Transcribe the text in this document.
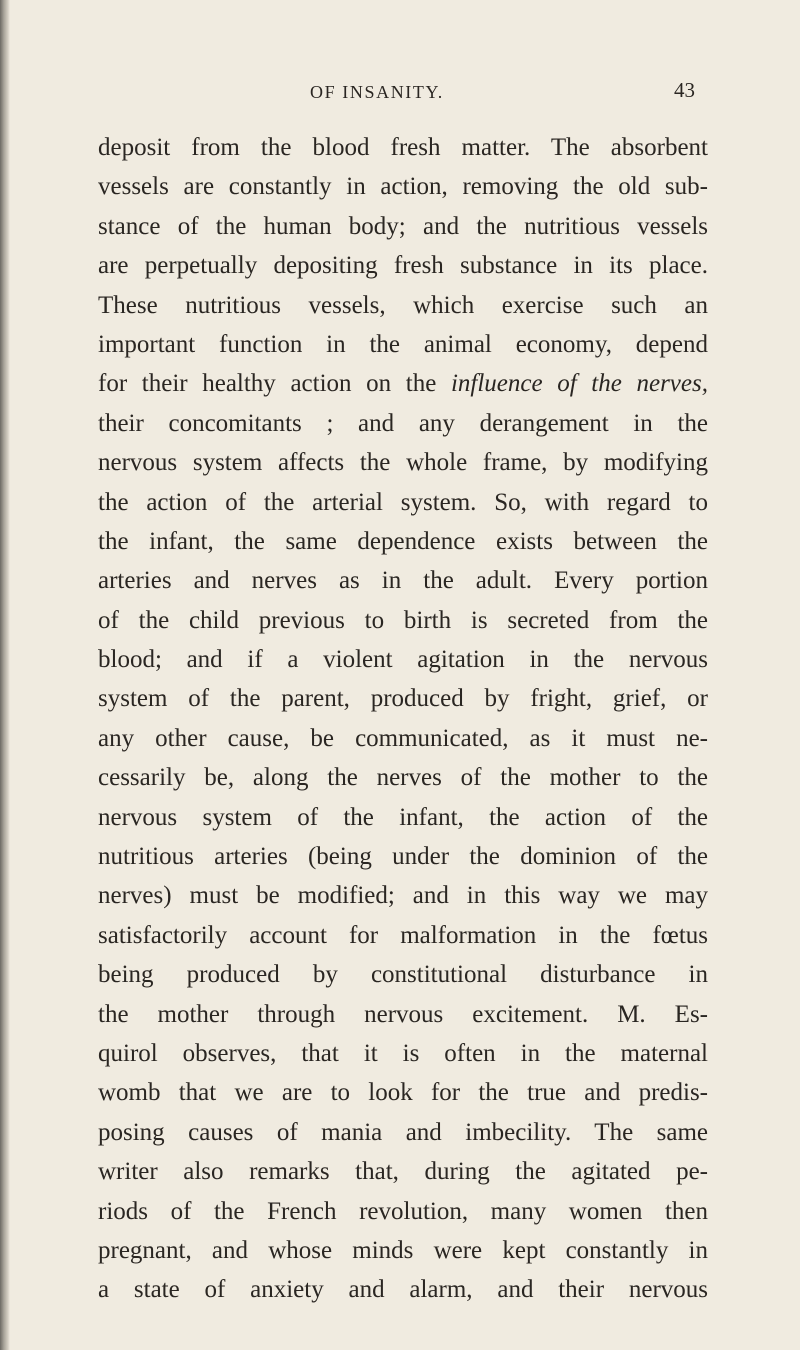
OF INSANITY.	43
deposit from the blood fresh matter. The absorbent
vessels are constantly in action, removing the old sub-
stance of the human body; and the nutritious vessels
are perpetually depositing fresh substance in its place.
These nutritious vessels, which exercise such an
important function in the animal economy, depend
for their healthy action on the influence of the nerves,
their concomitants ; and any derangement in the
nervous system affects the whole frame, by modifying
the action of the arterial system. So, with regard to
the infant, the same dependence exists between the
arteries and nerves as in the adult. Every portion
of the child previous to birth is secreted from the
blood; and if a violent agitation in the nervous
system of the parent, produced by fright, grief, or
any other cause, be communicated, as it must ne-
cessarily be, along the nerves of the mother to the
nervous system of the infant, the action of the
nutritious arteries (being under the dominion of the
nerves) must be modified; and in this way we may
satisfactorily account for malformation in the fœtus
being produced by constitutional disturbance in
the mother through nervous excitement. M. Es-
quirol observes, that it is often in the maternal
womb that we are to look for the true and predis-
posing causes of mania and imbecility. The same
writer also remarks that, during the agitated pe-
riods of the French revolution, many women then
pregnant, and whose minds were kept constantly in
a state of anxiety and alarm, and their nervous
